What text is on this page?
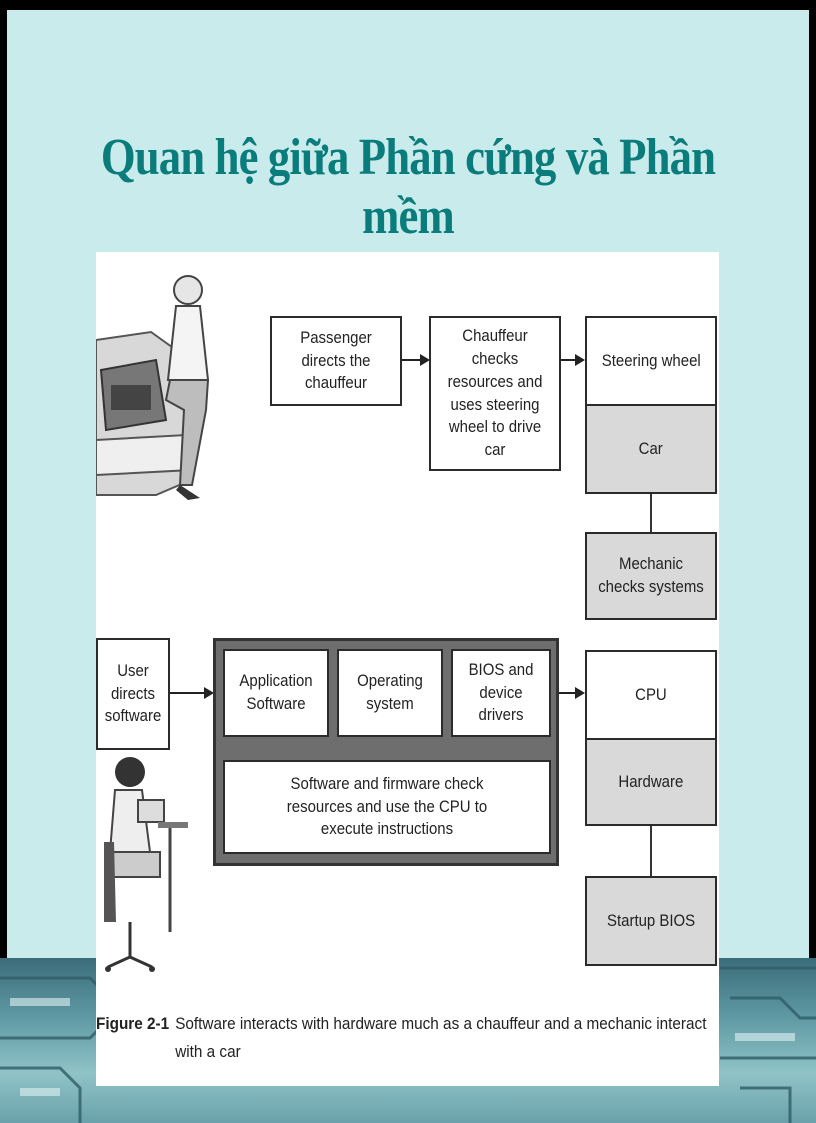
Quan hệ giữa Phần cứng và Phần mềm
Passenger directs the chauffeur
Chauffeur checks resources and uses steering wheel to drive car
Steering wheel
Car
Mechanic checks systems
User directs software
Application Software
Operating system
BIOS and device drivers
Software and firmware check resources and use the CPU to execute instructions
CPU
Hardware
Startup BIOS
Figure 2-1 Software interacts with hardware much as a chauffeur and a mechanic interact
with a car
